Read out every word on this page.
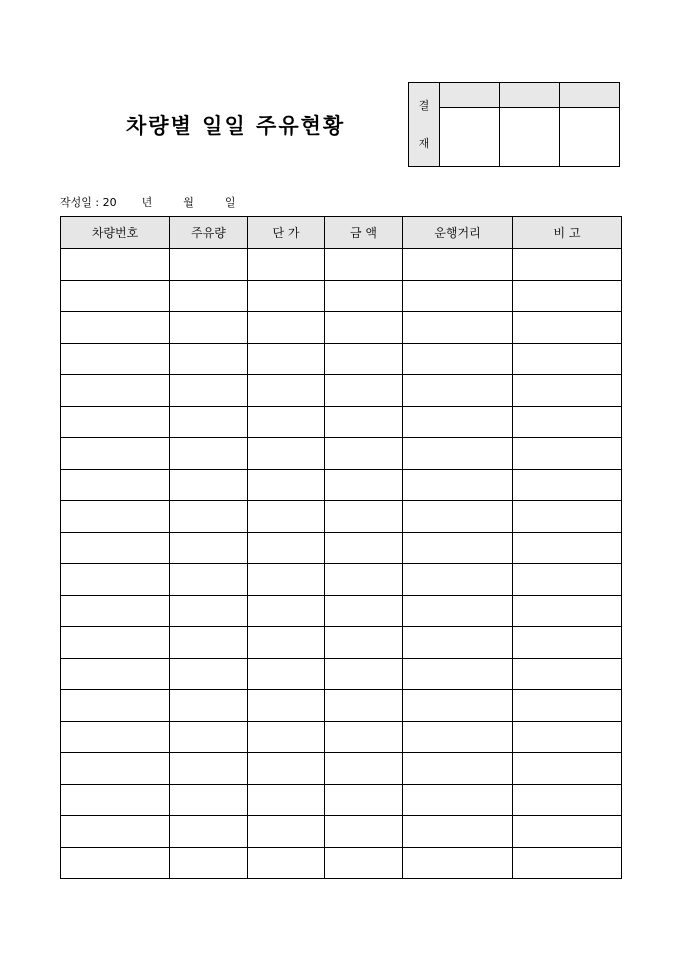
차량별 일일 주유현황
결
재			

작성일 : 20 년	월	일
차량번호	주유량	단 가	금 액	운행거리	비 고
